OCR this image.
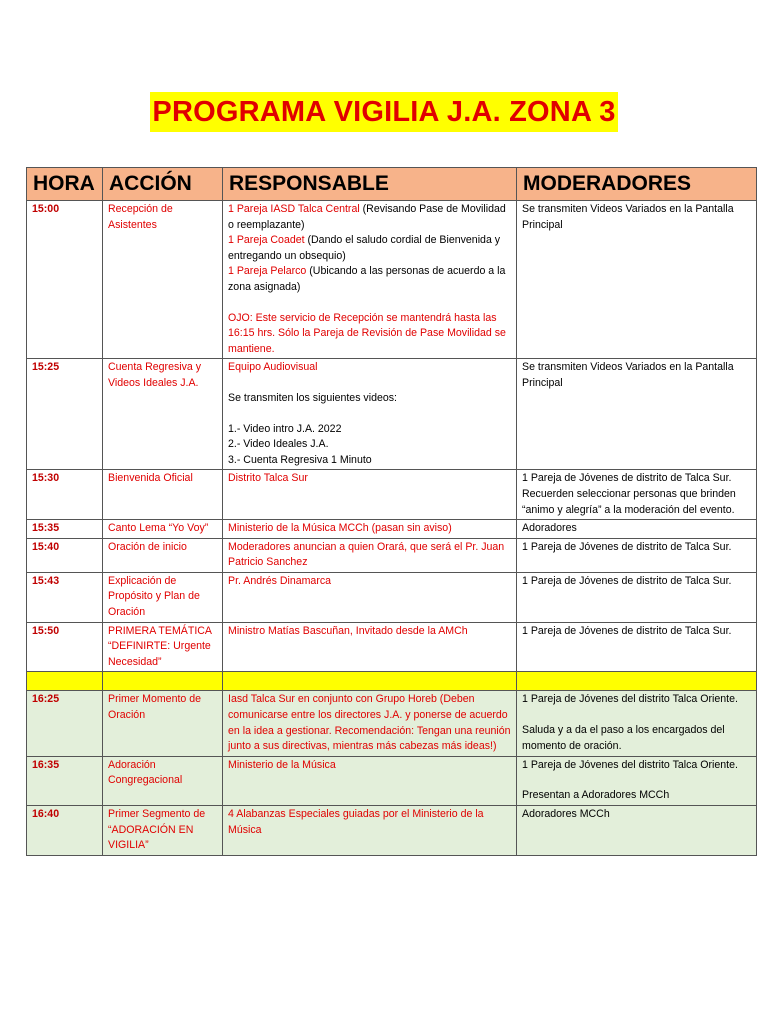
PROGRAMA VIGILIA J.A. ZONA 3
HORA	ACCIÓN	RESPONSABLE	MODERADORES
15:00	Recepción de Asistentes	1 Pareja IASD Talca Central (Revisando Pase de Movilidad o reemplazante)
1 Pareja Coadet (Dando el saludo cordial de Bienvenida y entregando un obsequio)
1 Pareja Pelarco (Ubicando a las personas de acuerdo a la zona asignada)
OJO: Este servicio de Recepción se mantendrá hasta las 16:15 hrs. Sólo la Pareja de Revisión de Pase Movilidad se mantiene.	Se transmiten Videos Variados en la Pantalla Principal
15:25	Cuenta Regresiva y Videos Ideales J.A.	Equipo Audiovisual
Se transmiten los siguientes videos:
1.- Video intro J.A. 2022
2.- Video Ideales J.A.
3.- Cuenta Regresiva 1 Minuto	Se transmiten Videos Variados en la Pantalla Principal
15:30	Bienvenida Oficial	Distrito Talca Sur	1 Pareja de Jóvenes de distrito de Talca Sur. Recuerden seleccionar personas que brinden “animo y alegría” a la moderación del evento.
15:35	Canto Lema “Yo Voy”	Ministerio de la Música MCCh (pasan sin aviso)	Adoradores
15:40	Oración de inicio	Moderadores anuncian a quien Orará, que será el Pr. Juan Patricio Sanchez	1 Pareja de Jóvenes de distrito de Talca Sur.
15:43	Explicación de Propósito y Plan de Oración	Pr. Andrés Dinamarca	1 Pareja de Jóvenes de distrito de Talca Sur.
15:50	PRIMERA TEMÁTICA “DEFINIRTE: Urgente Necesidad”	Ministro Matías Bascuñan, Invitado desde la AMCh	1 Pareja de Jóvenes de distrito de Talca Sur.

16:25	Primer Momento de Oración	Iasd Talca Sur en conjunto con Grupo Horeb (Deben comunicarse entre los directores J.A. y ponerse de acuerdo en la idea a gestionar. Recomendación: Tengan una reunión junto a sus directivas, mientras más cabezas más ideas!)	1 Pareja de Jóvenes del distrito Talca Oriente.
Saluda y a da el paso a los encargados del momento de oración.

16:35	Adoración Congregacional	Ministerio de la Música	1 Pareja de Jóvenes del distrito Talca Oriente.
Presentan a Adoradores MCCh

16:40	Primer Segmento de “ADORACIÓN EN VIGILIA”	4 Alabanzas Especiales guiadas por el Ministerio de la Música	Adoradores MCCh
